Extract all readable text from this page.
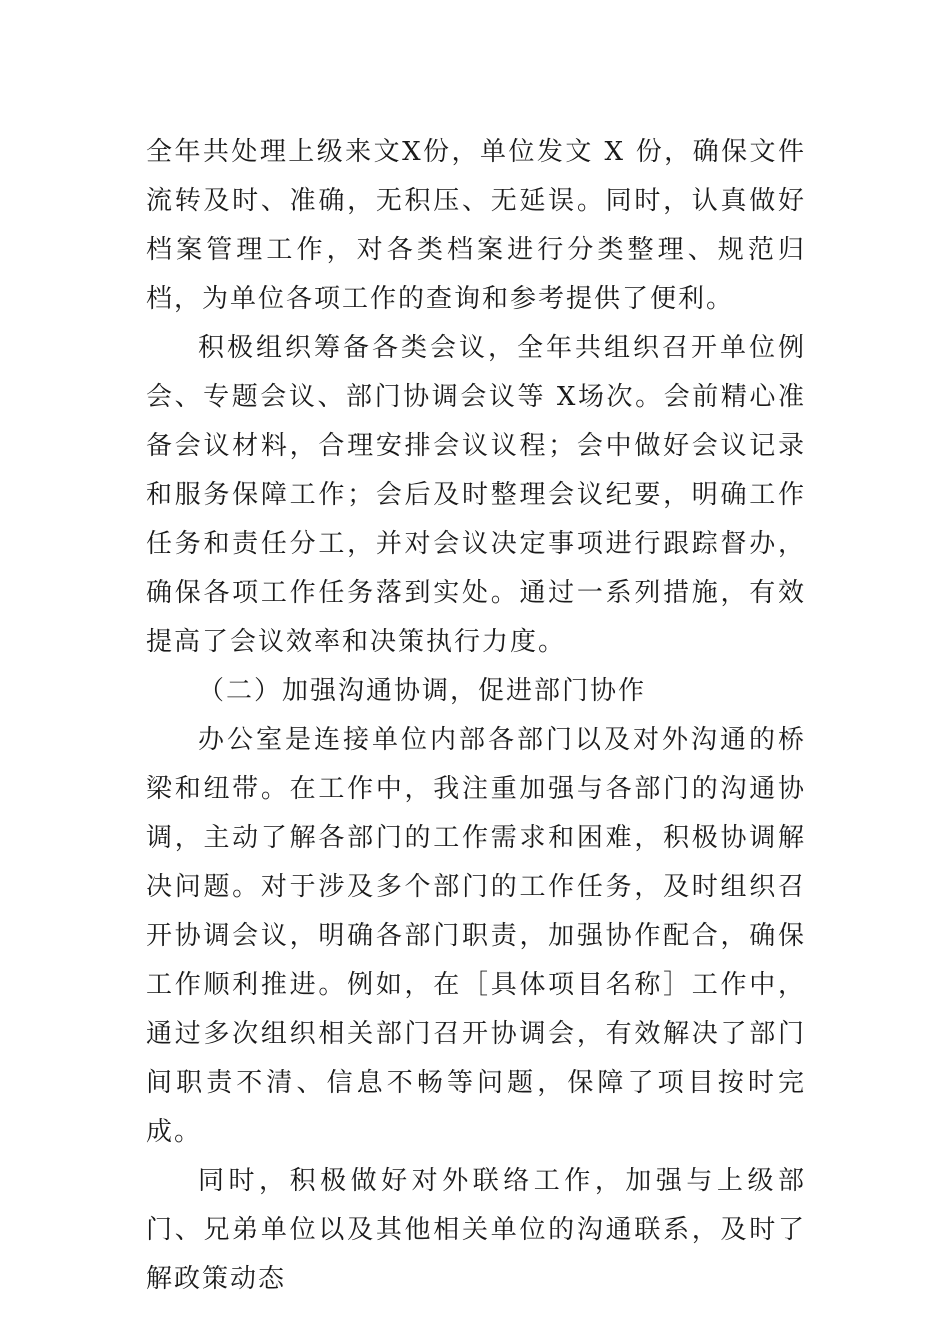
全年共处理上级来文X份，单位发文 X 份，确保文件流转及时、准确，无积压、无延误。同时，认真做好档案管理工作，对各类档案进行分类整理、规范归档，为单位各项工作的查询和参考提供了便利。

积极组织筹备各类会议，全年共组织召开单位例会、专题会议、部门协调会议等 X场次。会前精心准备会议材料，合理安排会议议程；会中做好会议记录和服务保障工作；会后及时整理会议纪要，明确工作任务和责任分工，并对会议决定事项进行跟踪督办，确保各项工作任务落到实处。通过一系列措施，有效提高了会议效率和决策执行力度。

（二）加强沟通协调，促进部门协作

办公室是连接单位内部各部门以及对外沟通的桥梁和纽带。在工作中，我注重加强与各部门的沟通协调，主动了解各部门的工作需求和困难，积极协调解决问题。对于涉及多个部门的工作任务，及时组织召开协调会议，明确各部门职责，加强协作配合，确保工作顺利推进。例如，在［具体项目名称］工作中，通过多次组织相关部门召开协调会，有效解决了部门间职责不清、信息不畅等问题，保障了项目按时完成。

同时，积极做好对外联络工作，加强与上级部门、兄弟单位以及其他相关单位的沟通联系，及时了解政策动态
